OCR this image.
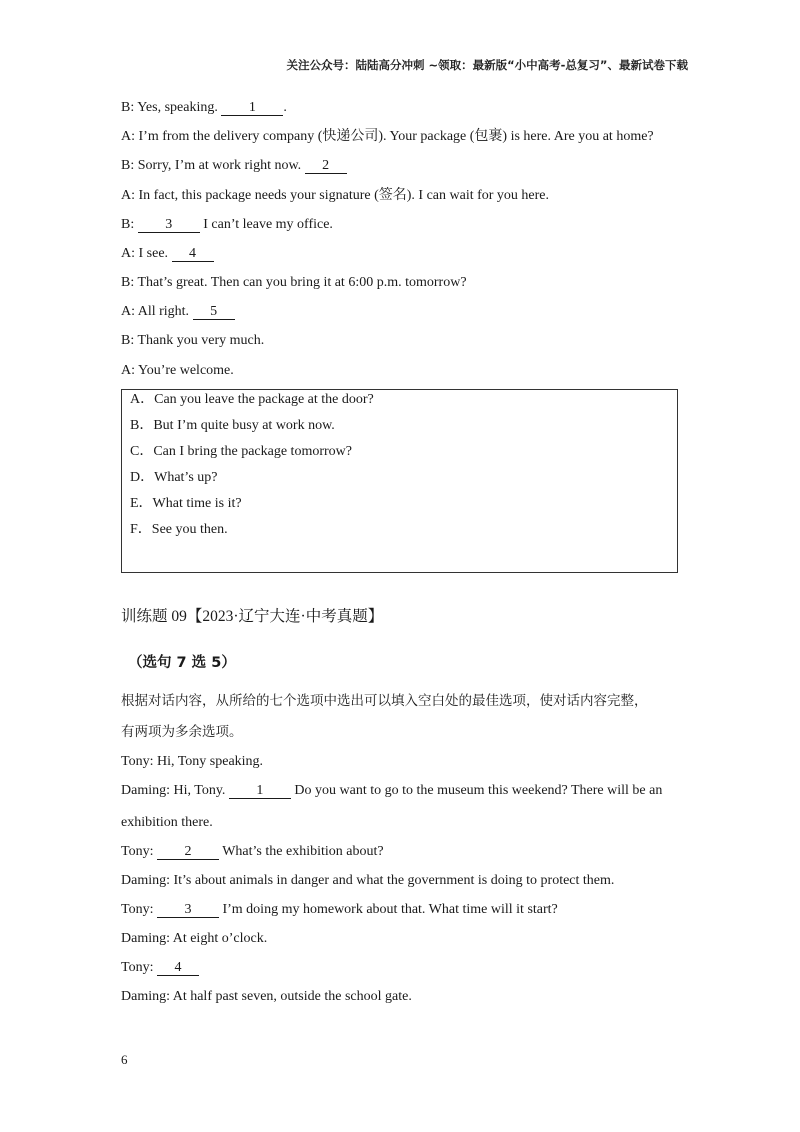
关注公众号：陆陆高分冲刺 ~领取：最新版“小中高考-总复习”、最新试卷下载
B: Yes, speaking. 1 .
A: I’m from the delivery company (快递公司). Your package (包裹) is here. Are you at home?
B: Sorry, I’m at work right now. 2
A: In fact, this package needs your signature (签名). I can wait for you here.
B: 3 I can’t leave my office.
A: I see. 4
B: That’s great. Then can you bring it at 6:00 p.m. tomorrow?
A: All right. 5
B: Thank you very much.
A: You’re welcome.
A．Can you leave the package at the door?
B．But I’m quite busy at work now.
C．Can I bring the package tomorrow?
D．What’s up?
E．What time is it?
F．See you then.
训练题 09【2023·辽宁大连·中考真题】
（选句 7 选 5）
根据对话内容，从所给的七个选项中选出可以填入空白处的最佳选项，使对话内容完整，
有两项为多余选项。
Tony: Hi, Tony speaking.
Daming: Hi, Tony. 1 Do you want to go to the museum this weekend? There will be an
exhibition there.
Tony: 2 What’s the exhibition about?
Daming: It’s about animals in danger and what the government is doing to protect them.
Tony: 3 I’m doing my homework about that. What time will it start?
Daming: At eight o’clock.
Tony: 4
Daming: At half past seven, outside the school gate.
6
